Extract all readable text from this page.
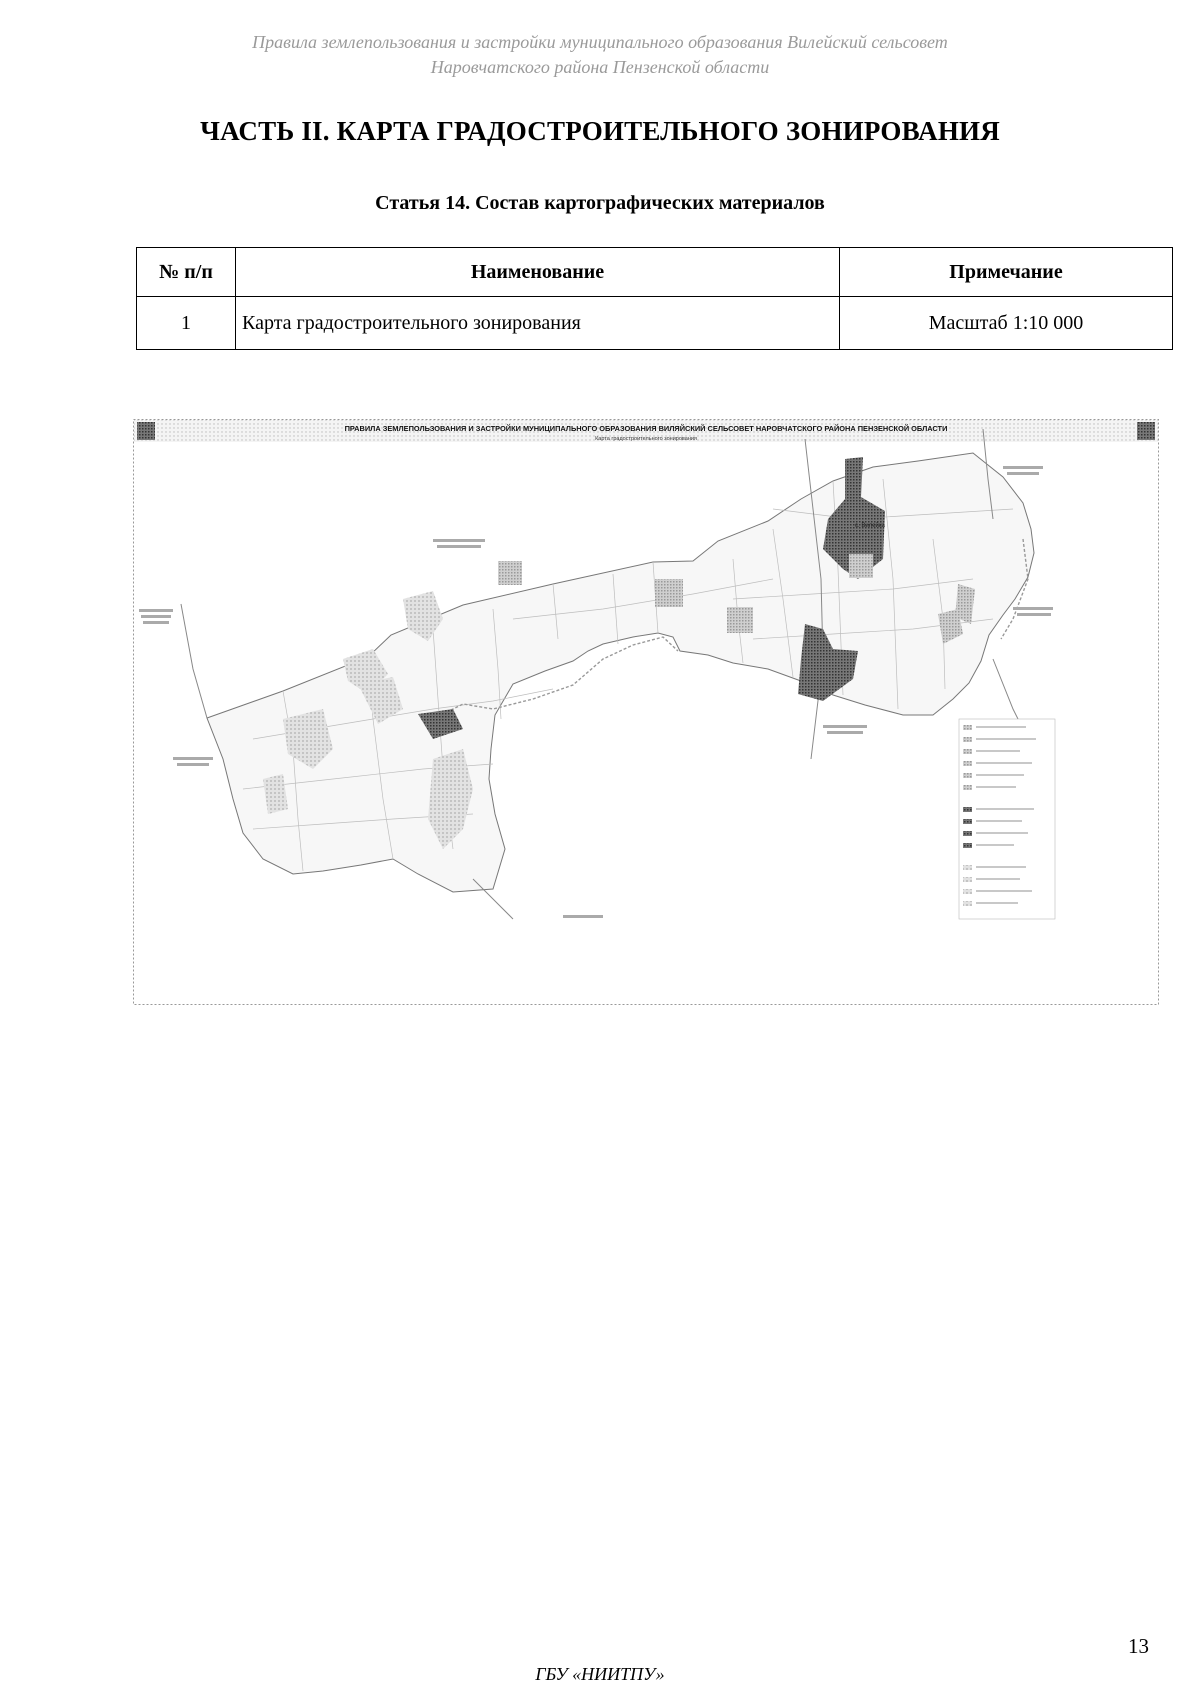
Правила землепользования и застройки муниципального образования Вилейский сельсовет
Наровчатского района Пензенской области
ЧАСТЬ II. КАРТА ГРАДОСТРОИТЕЛЬНОГО ЗОНИРОВАНИЯ
Статья 14. Состав картографических материалов
№ п/п	Наименование	Примечание
1	Карта градостроительного зонирования	Масштаб 1:10 000
ПРАВИЛА ЗЕМЛЕПОЛЬЗОВАНИЯ И ЗАСТРОЙКИ МУНИЦИПАЛЬНОГО ОБРАЗОВАНИЯ ВИЛЯЙСКИЙ СЕЛЬСОВЕТ НАРОВЧАТСКОГО РАЙОНА ПЕНЗЕНСКОЙ ОБЛАСТИ
Карта градостроительного зонирования
с. Вилейка
13
ГБУ «НИИТПУ»
